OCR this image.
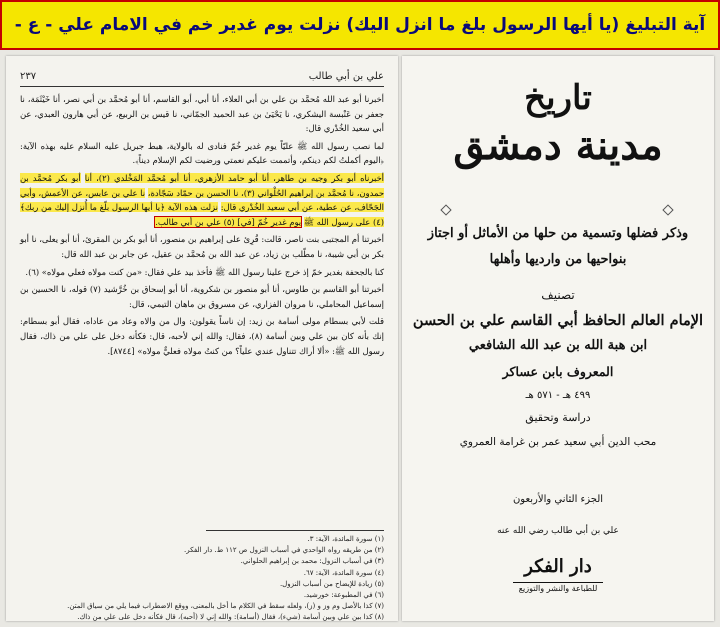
آية التبليغ (يا أيها الرسول بلغ ما انزل اليك) نزلت يوم غدير خم في الامام علي - ع -
٢٣٧	علي بن أبي طالب

أخبرنا أبو عبد الله مُحمَّد بن علي بن أبي العلاء، أنا أبي، أبو القاسم، أنا أبو مُحمَّد بن أبي نصر، أنا خَيْثَمَة، نا جعفر بن عَنْبسة اليشكري، نا يَحْيَىٰ بن عبد الحميد الجمّاني، نا قيس بن الربيع، عن أبي هارون العبدي، عن أبي سعيد الخُدْري قال:

لما نصب رسول الله ﷺ عليّاً يوم غدير خُمّ فنادى له بالولاية، هبط جبريل عليه السلام عليه بهذه الآية: ﴿اليوم أكملتُ لكم دينكم، وأتممت عليكم نعمتي ورضيت لكم الإسلام ديناً﴾.

أخبرناه أبو بكر وجيه بن طاهر، أنا أبو حامد الأزهري، أنا أبو مُحمَّد المَخْلدي (٢)، أنا أبو بكر مُحمَّد بن حمدون، نا مُحمَّد بن إبراهيم الحُلْواني (٣)، نا الحسن بن حمّاد سَجّادة، نا علي بن عابس، عن الأعمش، وأبي الجَحّاف، عن عطية، عن أبي سعيد الخُدْري قال: نزلت هذه الآية ﴿يا أيها الرسول بلّغ ما أُنزل إليك من ربك﴾ (٤) على رسول الله ﷺ يوم غدير خُمّ [في] (٥) علي بن أبي طالب.

أخبرتنا أم المجتبى بنت ناصر، قالت: قُرِئ على إبراهيم بن منصور، أنا أبو بكر بن المقرئ، أنا أبو يعلى، نا أبو بكر بن أبي شيبة، نا مطّلب بن زياد، عن عبد الله بن مُحمَّد بن عقيل، عن جابر بن عبد الله قال:

كنا بالجحفة بغدير خمّ إذ خرج علينا رسول الله ﷺ فأخذ بيد علي فقال: «من كنت مولاه فعلي مولاه» (٦).

أخبرتنا أبو القاسم بن طاوس، أنا أبو منصور بن شكروية، أنا أبو إسحاق بن خُرَّشيد (٧) قوله، نا الحسين بن إسماعيل المحاملي، نا مروان الفزاري، عن مسروق بن ماهان التيمي، قال:

قلت لأبي بسطام مولى أسامة بن زيد: إن ناساً يقولون: وال من والاه وعاد من عاداه، فقال أبو بسطام: إنك بأنه كان بين علي وبين أسامة (٨)، فقال: والله إني لأحبه، قال: فكأنه دخل على علي من ذاك، فقال رسول الله ﷺ: «ألا أراك تتناول عندي علياً؟ من كنتُ مولاه فعليٌّ مولاه» [٨٧٤٤].

(١) سورة المائدة، الآية: ٣.
(٢) من طريقه رواه الواحدي في أسباب النزول ص ١١٢ ط. دار الفكر.
(٣) في أسباب النزول: محمد بن إبراهيم الحلواني.
(٤) سورة المائدة، الآية: ٦٧.
(٥) زيادة للإيضاح من أسباب النزول.
(٦) في المطبوعة: خورشيد.
(٧) كذا بالأصل وم وز و (ز)، ولعله سقط في الكلام ما أخل بالمعنى، ووقع الاضطراب فيما يلي من سياق المتن.
(٨) كذا بين علي وبين أسامة (شيء)، فقال (أسامة): والله إني لا (أحبه)، قال فكأنه دخل على علي من ذاك.
تاريخ
مدينة دمشق
وذكر فضلها وتسمية من حلها من الأماثل أو اجتاز
بنواحيها من وارديها وأهلها
تصنيف
الإمام العالم الحافظ أبي القاسم علي بن الحسن
ابن هبة الله بن عبد الله الشافعي
المعروف بابن عساكر
٤٩٩ هـ - ٥٧١ هـ
دراسة وتحقيق
محب الدين أبي سعيد عمر بن غرامة العمروي
الجزء الثاني والأربعون
علي بن أبي طالب رضي الله عنه
دار الفكر
للطباعة والنشر والتوزيع
